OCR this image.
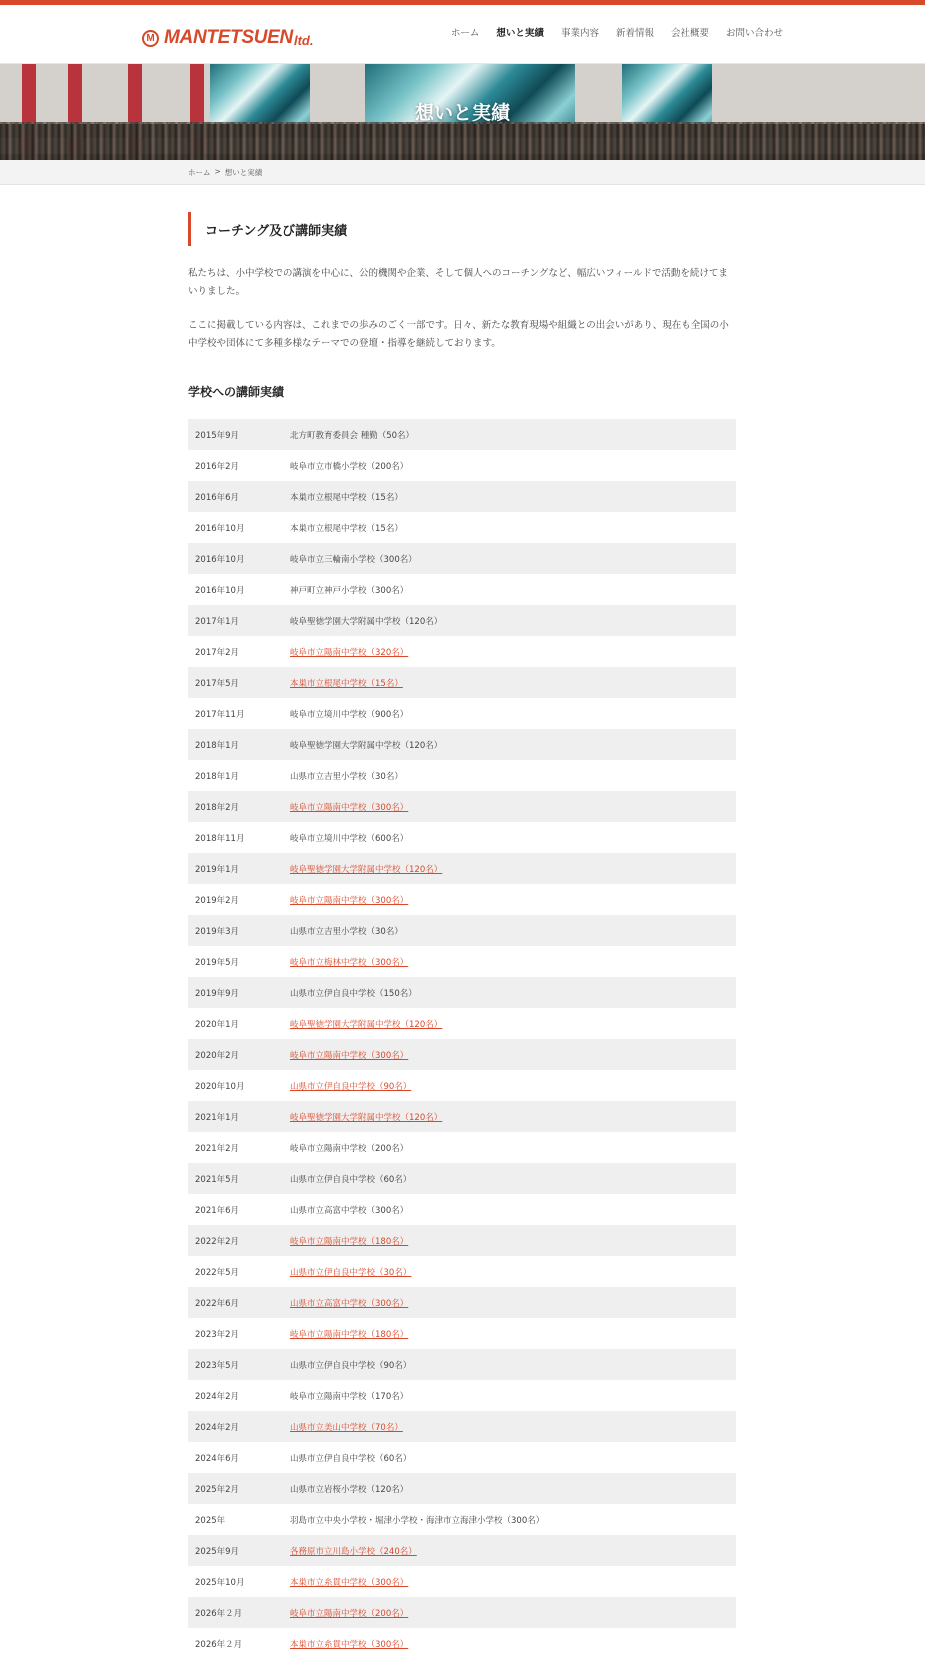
M MANTETSUEN ltd.	ホーム 想いと実績 事業内容 新着情報 会社概要 お問い合わせ
想いと実績
ホーム > 想いと実績
コーチング及び講師実績

私たちは、小中学校での講演を中心に、公的機関や企業、そして個人へのコーチングなど、幅広いフィールドで活動を続けてまいりました。

ここに掲載している内容は、これまでの歩みのごく一部です。日々、新たな教育現場や組織との出会いがあり、現在も全国の小中学校や団体にて多種多様なテーマでの登壇・指導を継続しております。

学校への講師実績
2015年9月	北方町教育委員会 種勤（50名）
2016年2月	岐阜市立市橋小学校（200名）
2016年6月	本巣市立根尾中学校（15名）
2016年10月	本巣市立根尾中学校（15名）
2016年10月	岐阜市立三輪南小学校（300名）
2016年10月	神戸町立神戸小学校（300名）
2017年1月	岐阜聖徳学園大学附属中学校（120名）
2017年2月	岐阜市立陽南中学校（320名）
2017年5月	本巣市立根尾中学校（15名）
2017年11月	岐阜市立境川中学校（900名）
2018年1月	岐阜聖徳学園大学附属中学校（120名）
2018年1月	山県市立吉里小学校（30名）
2018年2月	岐阜市立陽南中学校（300名）
2018年11月	岐阜市立境川中学校（600名）
2019年1月	岐阜聖徳学園大学附属中学校（120名）
2019年2月	岐阜市立陽南中学校（300名）
2019年3月	山県市立吉里小学校（30名）
2019年5月	岐阜市立梅林中学校（300名）
2019年9月	山県市立伊自良中学校（150名）
2020年1月	岐阜聖徳学園大学附属中学校（120名）
2020年2月	岐阜市立陽南中学校（300名）
2020年10月	山県市立伊自良中学校（90名）
2021年1月	岐阜聖徳学園大学附属中学校（120名）
2021年2月	岐阜市立陽南中学校（200名）
2021年5月	山県市立伊自良中学校（60名）
2021年6月	山県市立高富中学校（300名）
2022年2月	岐阜市立陽南中学校（180名）
2022年5月	山県市立伊自良中学校（30名）
2022年6月	山県市立高富中学校（300名）
2023年2月	岐阜市立陽南中学校（180名）
2023年5月	山県市立伊自良中学校（90名）
2024年2月	岐阜市立陽南中学校（170名）
2024年2月	山県市立美山中学校（70名）
2024年6月	山県市立伊自良中学校（60名）
2025年2月	山県市立岩桜小学校（120名）
2025年	羽島市立中央小学校・堀津小学校・海津市立海津小学校（300名）
2025年9月	各務原市立川島小学校（240名）
2025年10月	本巣市立糸貫中学校（300名）
2026年２月	岐阜市立陽南中学校（200名）
2026年２月	本巣市立糸貫中学校（300名）
